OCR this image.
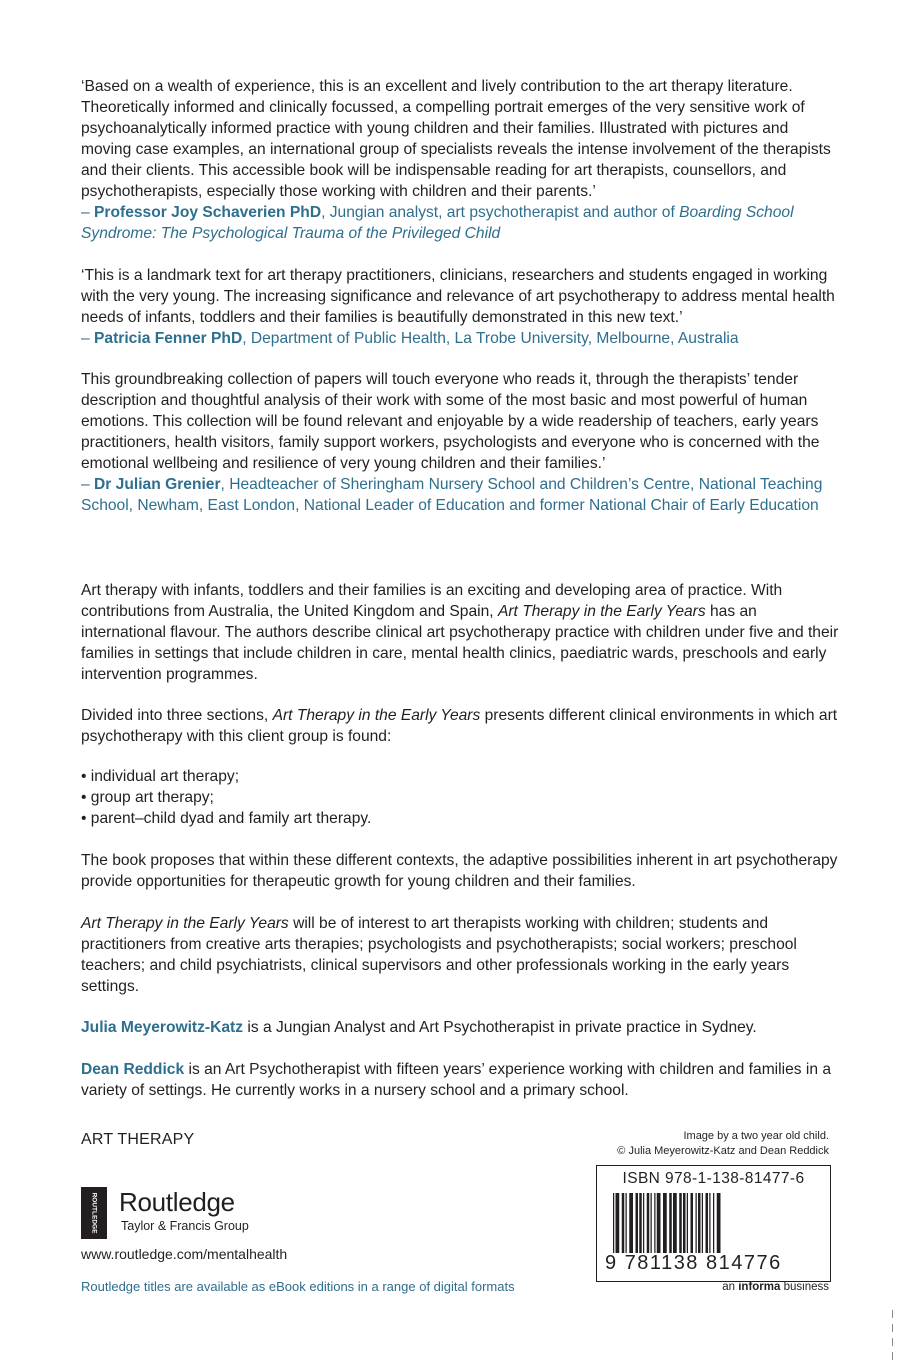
‘Based on a wealth of experience, this is an excellent and lively contribution to the art therapy literature. Theoretically informed and clinically focussed, a compelling portrait emerges of the very sensitive work of psychoanalytically informed practice with young children and their families. Illustrated with pictures and moving case examples, an international group of specialists reveals the intense involvement of the therapists and their clients. This accessible book will be indispensable reading for art therapists, counsellors, and psychotherapists, especially those working with children and their parents.’

– Professor Joy Schaverien PhD, Jungian analyst, art psychotherapist and author of Boarding School Syndrome: The Psychological Trauma of the Privileged Child

‘This is a landmark text for art therapy practitioners, clinicians, researchers and students engaged in working with the very young. The increasing significance and relevance of art psychotherapy to address mental health needs of infants, toddlers and their families is beautifully demonstrated in this new text.’

– Patricia Fenner PhD, Department of Public Health, La Trobe University, Melbourne, Australia

This groundbreaking collection of papers will touch everyone who reads it, through the therapists’ tender description and thoughtful analysis of their work with some of the most basic and most powerful of human emotions. This collection will be found relevant and enjoyable by a wide readership of teachers, early years practitioners, health visitors, family support workers, psychologists and everyone who is concerned with the emotional wellbeing and resilience of very young children and their families.’

– Dr Julian Grenier, Headteacher of Sheringham Nursery School and Children’s Centre, National Teaching School, Newham, East London, National Leader of Education and former National Chair of Early Education

Art therapy with infants, toddlers and their families is an exciting and developing area of practice. With contributions from Australia, the United Kingdom and Spain, Art Therapy in the Early Years has an international flavour. The authors describe clinical art psychotherapy practice with children under five and their families in settings that include children in care, mental health clinics, paediatric wards, preschools and early intervention programmes.

Divided into three sections, Art Therapy in the Early Years presents different clinical environments in which art psychotherapy with this client group is found:

• individual art therapy;
• group art therapy;
• parent–child dyad and family art therapy.

The book proposes that within these different contexts, the adaptive possibilities inherent in art psychotherapy provide opportunities for therapeutic growth for young children and their families.

Art Therapy in the Early Years will be of interest to art therapists working with children; students and practitioners from creative arts therapies; psychologists and psychotherapists; social workers; preschool teachers; and child psychiatrists, clinical supervisors and other professionals working in the early years settings.

Julia Meyerowitz-Katz is a Jungian Analyst and Art Psychotherapist in private practice in Sydney.

Dean Reddick is an Art Psychotherapist with fifteen years’ experience working with children and families in a variety of settings. He currently works in a nursery school and a primary school.

ART THERAPY
ROUTLEDGE Routledge
Taylor & Francis Group
www.routledge.com/mentalhealth
Routledge titles are available as eBook editions in a range of digital formats
Image by a two year old child.
© Julia Meyerowitz-Katz and Dean Reddick
ISBN 978-1-138-81477-6
9 781138 814776
an informa business
